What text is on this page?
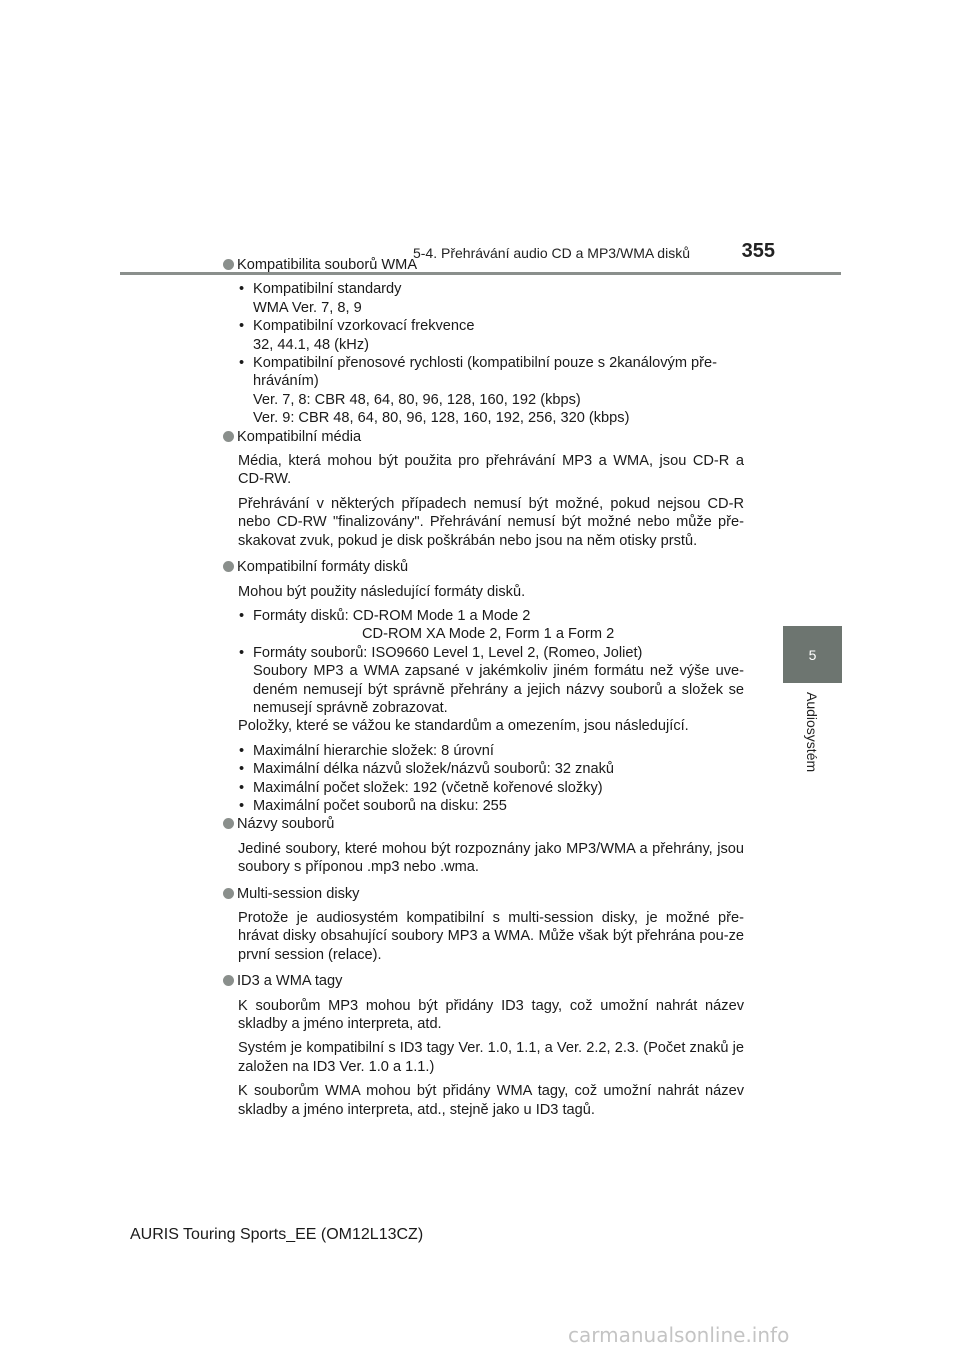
5-4. Přehrávání audio CD a MP3/WMA disků	355
5
Audiosystém

Kompatibilita souborů WMA

• Kompatibilní standardy
WMA Ver. 7, 8, 9
• Kompatibilní vzorkovací frekvence
32, 44.1, 48 (kHz)
• Kompatibilní přenosové rychlosti (kompatibilní pouze s 2kanálovým pře-
hráváním)
Ver. 7, 8: CBR 48, 64, 80, 96, 128, 160, 192 (kbps)
Ver. 9: CBR 48, 64, 80, 96, 128, 160, 192, 256, 320 (kbps)

Kompatibilní média

Média, která mohou být použita pro přehrávání MP3 a WMA, jsou CD-R a CD-RW.

Přehrávání v některých případech nemusí být možné, pokud nejsou CD-R nebo CD-RW "finalizovány". Přehrávání nemusí být možné nebo může pře-skakovat zvuk, pokud je disk poškrábán nebo jsou na něm otisky prstů.

Kompatibilní formáty disků

Mohou být použity následující formáty disků.

• Formáty disků: CD-ROM Mode 1 a Mode 2
CD-ROM XA Mode 2, Form 1 a Form 2
• Formáty souborů: ISO9660 Level 1, Level 2, (Romeo, Joliet)
Soubory MP3 a WMA zapsané v jakémkoliv jiném formátu než výše uve-deném nemusejí být správně přehrány a jejich názvy souborů a složek se nemusejí správně zobrazovat.
Položky, které se vážou ke standardům a omezením, jsou následující.
• Maximální hierarchie složek: 8 úrovní
• Maximální délka názvů složek/názvů souborů: 32 znaků
• Maximální počet složek: 192 (včetně kořenové složky)
• Maximální počet souborů na disku: 255

Názvy souborů

Jediné soubory, které mohou být rozpoznány jako MP3/WMA a přehrány, jsou soubory s příponou .mp3 nebo .wma.

Multi-session disky

Protože je audiosystém kompatibilní s multi-session disky, je možné pře-hrávat disky obsahující soubory MP3 a WMA. Může však být přehrána pou-ze první session (relace).

ID3 a WMA tagy

K souborům MP3 mohou být přidány ID3 tagy, což umožní nahrát název skladby a jméno interpreta, atd.

Systém je kompatibilní s ID3 tagy Ver. 1.0, 1.1, a Ver. 2.2, 2.3. (Počet znaků je založen na ID3 Ver. 1.0 a 1.1.)

K souborům WMA mohou být přidány WMA tagy, což umožní nahrát název skladby a jméno interpreta, atd., stejně jako u ID3 tagů.

AURIS Touring Sports_EE (OM12L13CZ)
carmanualsonline.info
